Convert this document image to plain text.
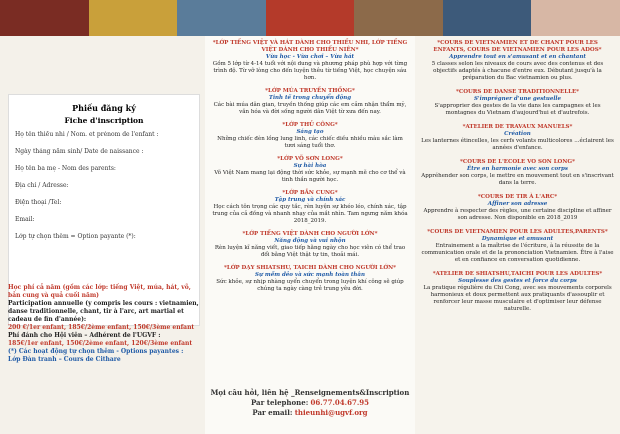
Phiếu đăng ký
Fiche d'inscription
Họ tên thiếu nhi / Nom. et prénom de l'enfant :
Ngày tháng năm sinh/ Date de naissance :
Họ tên ba mẹ - Nom des parents:
Địa chỉ / Adresse:
Điện thoại /Tel:
Email:
Lớp tự chọn thêm = Option payante (*):
Học phí cả năm (gồm các lớp: tiếng Việt, múa, hát, võ, bản cung và quả cuối năm)
Participation annuelle (y compris les cours : vietnamien, danse traditionnelle, chant, tir à l'arc, art martial et cadeau de fin d'année):
200 €/1er enfant, 185€/2ème enfant, 150€/3ème enfant
Phí đánh cho Hội viên – Adhérent de l'UGVF :
185€/1er enfant, 150€/2ème enfant, 120€/3ème enfant
(*) Các hoạt động tự chọn thêm - Options payantes :
Lớp Đàn tranh – Cours de Cithare
*LỚP TIẾNG VIỆT VÀ HÁT DÀNH CHO THIẾU NHI, LỚP TIẾNG VIỆT DÀNH CHO THIẾU NIÊN*
Vừa học - Vừa chơi – Vừa hát
Gồm 5 lớp từ 4-14 tuổi với nội dung và phương pháp phù hợp với từng trình độ. Từ vỡ lòng cho đến luyện thêu từ tiếng Việt, học chuyện sáu hơn.
*LỚP MÚA TRUYỀN THỐNG*
Tinh tế trong chuyển động
Các bài múa dân gian, truyền thống giúp các em cảm nhận thẩm mỹ, văn hóa và đời sống người dân Việt từ xưa đến nay.
*LỚP THỦ CÔNG*
Sáng tạo
Những chiếc đèn lồng lung linh, các chiếc diều nhiều màu sắc làm tươi sáng tuổi thơ.
*LỚP VÕ SƠN LONG*
Sự hài hòa
Võ Việt Nam mang lại động thời sức khỏe, sự mạnh mẽ cho cơ thể và tinh thần người học.
*LỚP BẮN CUNG*
Tập trung và chính xác
Học cách tôn trọng các quy tắc, rèn luyện sự khéo léo, chính xác, tập trung của cả đồng và nhanh nhạy của mắt nhìn. Tam ngưng năm khóa 2018_2019.
*LỚP TIẾNG VIỆT DÀNH CHO NGƯỜI LỚN*
Năng động và vui nhộn
Rèn luyện kĩ năng viết, giao tiếp hằng ngày cho học viên có thể trao đổi bằng Việt thật tự tin, thoải mái.
*LỚP DẠY SHIATSHU, TAICHI DÀNH CHO NGƯỜI LỚN*
Sự mềm dẻo và sức mạnh toàn thân
Sức khỏe, sự nhịp nhàng uyển chuyển trong luyện khí công sẽ giúp chúng ta ngày càng trẻ trung yêu đời.
Mọi câu hỏi, liên hệ _Renseignements&Inscription
Par telephone: 06.77.04.67.95
Par email: thieunhi@ugvf.org
*COURS DE VIETNAMIEN ET DE CHANT POUR LES ENFANTS, COURS DE VIETNAMIEN POUR LES ADOS*
Apprendre tout en s'amusant et en chantant
5 classes selon les niveaux de cours avec des contenus et des objectifs adaptés à chacune d'entre eux. Débutant jusqu'à la préparation du Bac vietnamien ou plus.
*COURS DE DANSE TRADITIONNELLE*
S'imprégner d'une gestuelle
S'approprier des gestes de la vie dans les campagnes et les montagnes du Vietnam d'aujourd'hui et d'autrefois.
*ATELIER DE TRAVAUX MANUELS*
Création
Les lanternes étincelles, les cerfs volants multicolores ...éclairent les années d'enfance.
*COURS DE L'ECOLE VO SON LONG*
Être en harmonie avec son corps
Appréhender son corps, le mettre en mouvement tout en s'inscrivant dans la terre.
*COURS DE TIR À L'ARC*
Affiner son adresse
Apprendre à respecter des règles, une certaine discipline et affiner son adresse. Non disponible en 2018_2019
*COURS DE VIETNAMIEN POUR LES ADULTES,PARENTS*
Dynamique et amusant
Entrainement a la maîtrise de l'écriture, à la réussite de la communication orale et de la prononciation Vietnamien. Être à l'aise et en confiance en conversation quotidienne.
*ATELIER DE SHIATSHU,TAICHI POUR LES ADULTES*
Souplesse des gestes et force du corps
La pratique régulière du Chi Cong, avec ses mouvements corporels harmonieux et doux permettent aux pratiquants d'assouplir et renforcer leur masse musculaire et d'optimiser leur défense naturelle.
